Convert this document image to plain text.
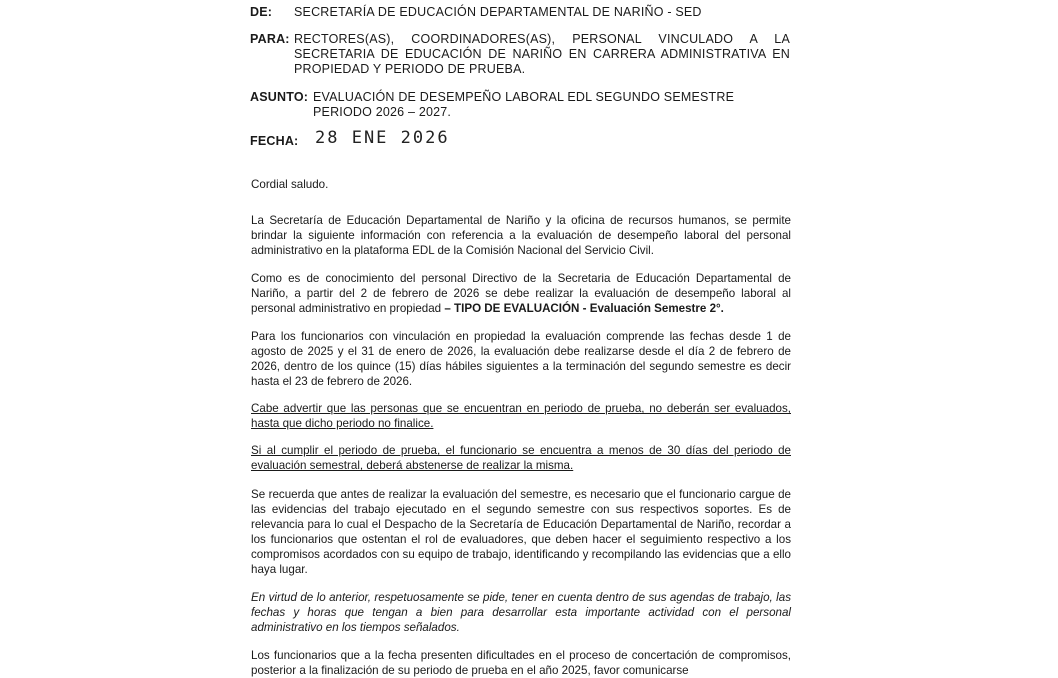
DE: SECRETARÍA DE EDUCACIÓN DEPARTAMENTAL DE NARIÑO - SED
PARA: RECTORES(AS), COORDINADORES(AS), PERSONAL VINCULADO A LA SECRETARIA DE EDUCACIÓN DE NARIÑO EN CARRERA ADMINISTRATIVA EN PROPIEDAD Y PERIODO DE PRUEBA.
ASUNTO: EVALUACIÓN DE DESEMPEÑO LABORAL EDL SEGUNDO SEMESTRE PERIODO 2026 – 2027.
FECHA: 28 ENE 2026

Cordial saludo.

La Secretaría de Educación Departamental de Nariño y la oficina de recursos humanos, se permite brindar la siguiente información con referencia a la evaluación de desempeño laboral del personal administrativo en la plataforma EDL de la Comisión Nacional del Servicio Civil.

Como es de conocimiento del personal Directivo de la Secretaria de Educación Departamental de Nariño, a partir del 2 de febrero de 2026 se debe realizar la evaluación de desempeño laboral al personal administrativo en propiedad – TIPO DE EVALUACIÓN - Evaluación Semestre 2°.

Para los funcionarios con vinculación en propiedad la evaluación comprende las fechas desde 1 de agosto de 2025 y el 31 de enero de 2026, la evaluación debe realizarse desde el día 2 de febrero de 2026, dentro de los quince (15) días hábiles siguientes a la terminación del segundo semestre es decir hasta el 23 de febrero de 2026.

Cabe advertir que las personas que se encuentran en periodo de prueba, no deberán ser evaluados, hasta que dicho periodo no finalice.

Si al cumplir el periodo de prueba, el funcionario se encuentra a menos de 30 días del periodo de evaluación semestral, deberá abstenerse de realizar la misma.

Se recuerda que antes de realizar la evaluación del semestre, es necesario que el funcionario cargue de las evidencias del trabajo ejecutado en el segundo semestre con sus respectivos soportes. Es de relevancia para lo cual el Despacho de la Secretaría de Educación Departamental de Nariño, recordar a los funcionarios que ostentan el rol de evaluadores, que deben hacer el seguimiento respectivo a los compromisos acordados con su equipo de trabajo, identificando y recompilando las evidencias que a ello haya lugar.

En virtud de lo anterior, respetuosamente se pide, tener en cuenta dentro de sus agendas de trabajo, las fechas y horas que tengan a bien para desarrollar esta importante actividad con el personal administrativo en los tiempos señalados.

Los funcionarios que a la fecha presenten dificultades en el proceso de concertación de compromisos, posterior a la finalización de su periodo de prueba en el año 2025, favor comunicarse
